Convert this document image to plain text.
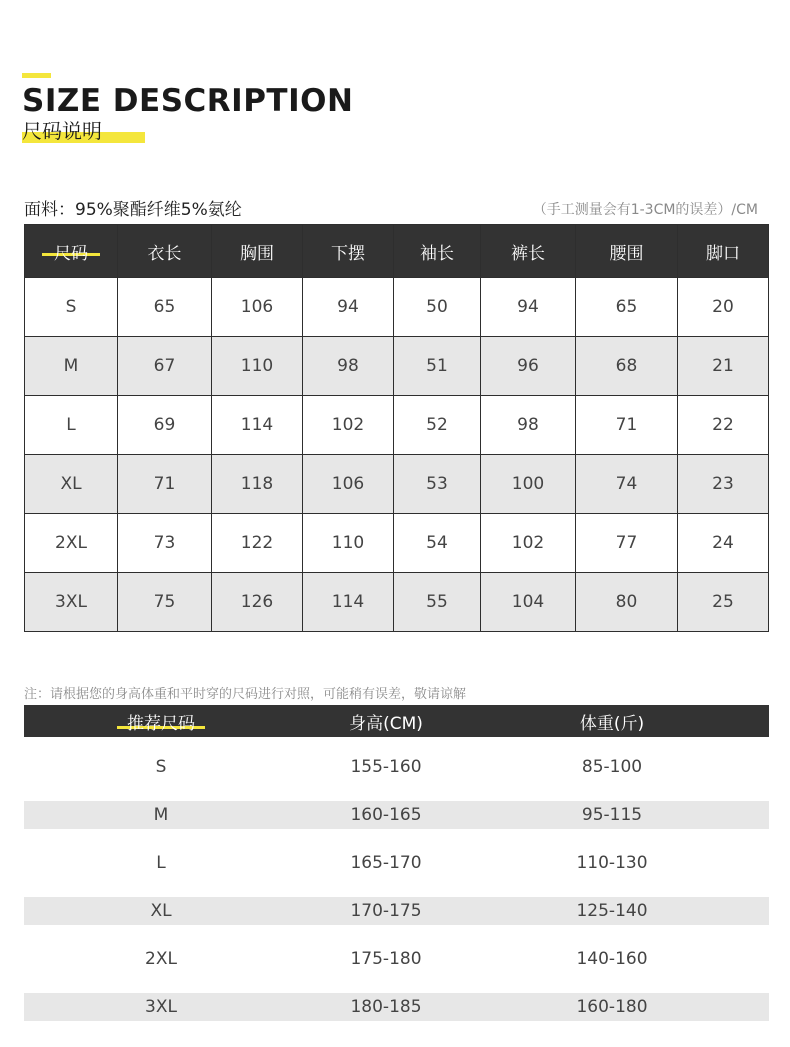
SIZE DESCRIPTION
尺码说明
面料：95%聚酯纤维5%氨纶	（手工测量会有1-3CM的误差）/CM
尺码	衣长	胸围	下摆	袖长	裤长	腰围	脚口
S	65	106	94	50	94	65	20
M	67	110	98	51	96	68	21
L	69	114	102	52	98	71	22
XL	71	118	106	53	100	74	23
2XL	73	122	110	54	102	77	24
3XL	75	126	114	55	104	80	25
注：请根据您的身高体重和平时穿的尺码进行对照，可能稍有误差，敬请谅解
推荐尺码	身高(CM)	体重(斤)
S	155-160	85-100
M	160-165	95-115
L	165-170	110-130
XL	170-175	125-140
2XL	175-180	140-160
3XL	180-185	160-180
